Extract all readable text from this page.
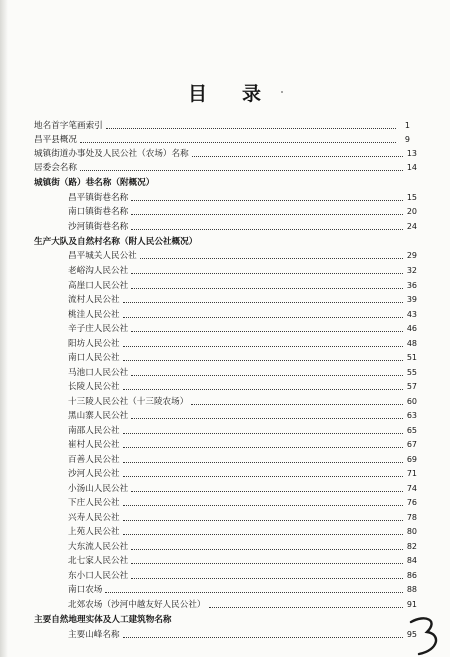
目 录
地名首字笔画索引	1
昌平县概况	9
城镇街道办事处及人民公社（农场）名称	13
居委会名称	14
城镇街（路）巷名称（附概况）
昌平镇街巷名称	15
南口镇街巷名称	20
沙河镇街巷名称	24
生产大队及自然村名称（附人民公社概况）
昌平城关人民公社	29
老峪沟人民公社	32
高崖口人民公社	36
流村人民公社	39
桃洼人民公社	43
辛子庄人民公社	46
阳坊人民公社	48
南口人民公社	51
马池口人民公社	55
长陵人民公社	57
十三陵人民公社（十三陵农场）	60
黑山寨人民公社	63
南邵人民公社	65
崔村人民公社	67
百善人民公社	69
沙河人民公社	71
小汤山人民公社	74
下庄人民公社	76
兴寿人民公社	78
上苑人民公社	80
大东流人民公社	82
北七家人民公社	84
东小口人民公社	86
南口农场	88
北郊农场（沙河中越友好人民公社）	91
主要自然地理实体及人工建筑物名称
主要山峰名称	95
